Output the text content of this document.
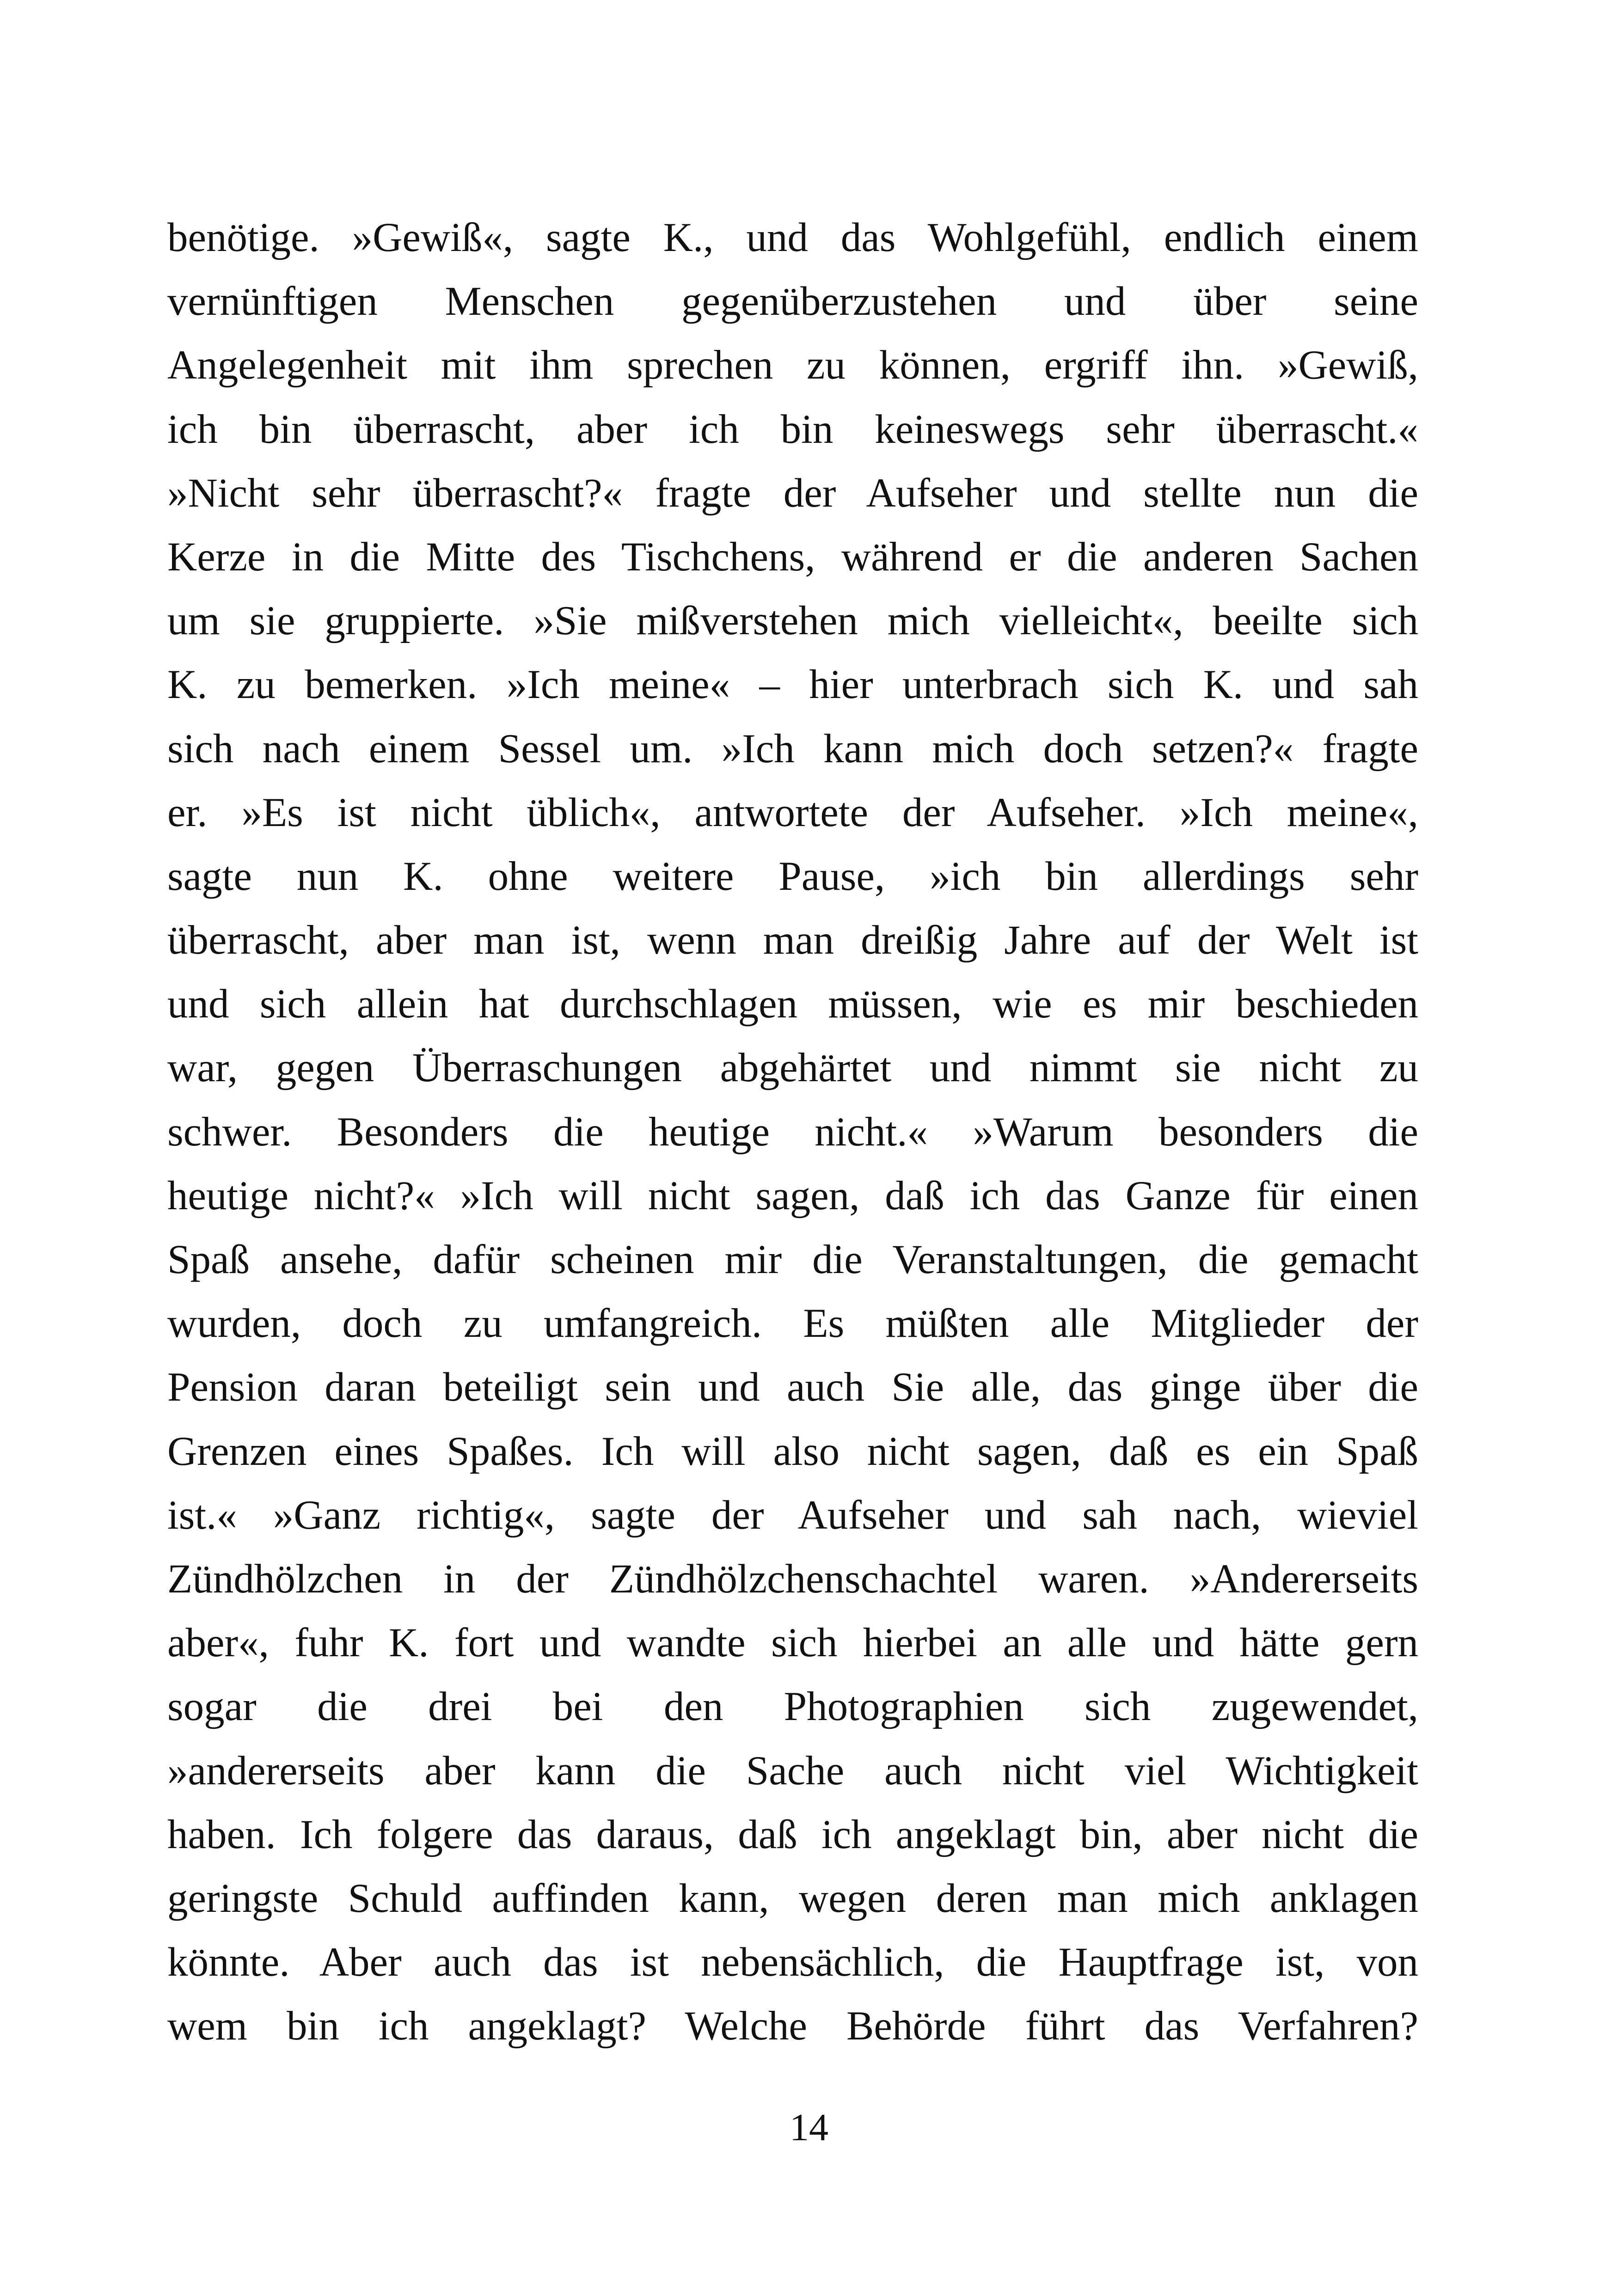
benötige. »Gewiß«, sagte K., und das Wohlgefühl, endlich einem
vernünftigen Menschen gegenüberzustehen und über seine
Angelegenheit mit ihm sprechen zu können, ergriff ihn. »Gewiß,
ich bin überrascht, aber ich bin keineswegs sehr überrascht.«
»Nicht sehr überrascht?« fragte der Aufseher und stellte nun die
Kerze in die Mitte des Tischchens, während er die anderen Sachen
um sie gruppierte. »Sie mißverstehen mich vielleicht«, beeilte sich
K. zu bemerken. »Ich meine« – hier unterbrach sich K. und sah
sich nach einem Sessel um. »Ich kann mich doch setzen?« fragte
er. »Es ist nicht üblich«, antwortete der Aufseher. »Ich meine«,
sagte nun K. ohne weitere Pause, »ich bin allerdings sehr
überrascht, aber man ist, wenn man dreißig Jahre auf der Welt ist
und sich allein hat durchschlagen müssen, wie es mir beschieden
war, gegen Überraschungen abgehärtet und nimmt sie nicht zu
schwer. Besonders die heutige nicht.« »Warum besonders die
heutige nicht?« »Ich will nicht sagen, daß ich das Ganze für einen
Spaß ansehe, dafür scheinen mir die Veranstaltungen, die gemacht
wurden, doch zu umfangreich. Es müßten alle Mitglieder der
Pension daran beteiligt sein und auch Sie alle, das ginge über die
Grenzen eines Spaßes. Ich will also nicht sagen, daß es ein Spaß
ist.« »Ganz richtig«, sagte der Aufseher und sah nach, wieviel
Zündhölzchen in der Zündhölzchenschachtel waren. »Andererseits
aber«, fuhr K. fort und wandte sich hierbei an alle und hätte gern
sogar die drei bei den Photographien sich zugewendet,
»andererseits aber kann die Sache auch nicht viel Wichtigkeit
haben. Ich folgere das daraus, daß ich angeklagt bin, aber nicht die
geringste Schuld auffinden kann, wegen deren man mich anklagen
könnte. Aber auch das ist nebensächlich, die Hauptfrage ist, von
wem bin ich angeklagt? Welche Behörde führt das Verfahren?
14
